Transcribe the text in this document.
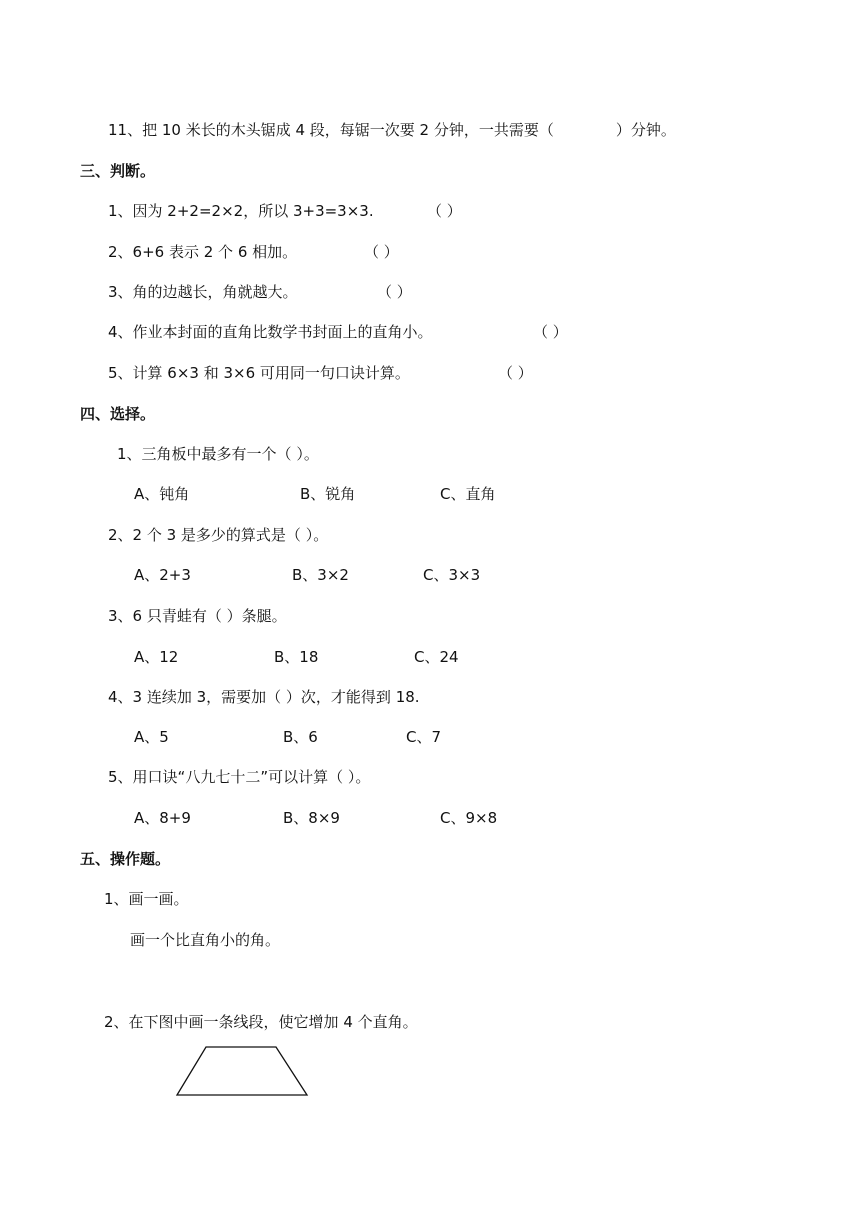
11、把 10 米长的木头锯成 4 段，每锯一次要 2 分钟，一共需要（	）分钟。
三、判断。
1、因为 2+2=2×2，所以 3+3=3×3.	（ ）
2、6+6 表示 2 个 6 相加。	（ ）
3、角的边越长，角就越大。	（ ）
4、作业本封面的直角比数学书封面上的直角小。	（ ）
5、计算 6×3 和 3×6 可用同一句口诀计算。	（ ）
四、选择。
1、三角板中最多有一个（ ）。
A、钝角	B、锐角	C、直角
2、2 个 3 是多少的算式是（ ）。
A、2+3	B、3×2	C、3×3
3、6 只青蛙有（ ）条腿。
A、12	B、18	C、24
4、3 连续加 3，需要加（ ）次，才能得到 18.
A、5	B、6	C、7
5、用口诀“八九七十二”可以计算（ ）。
A、8+9	B、8×9	C、9×8
五、操作题。
1、画一画。
画一个比直角小的角。
2、在下图中画一条线段，使它增加 4 个直角。
